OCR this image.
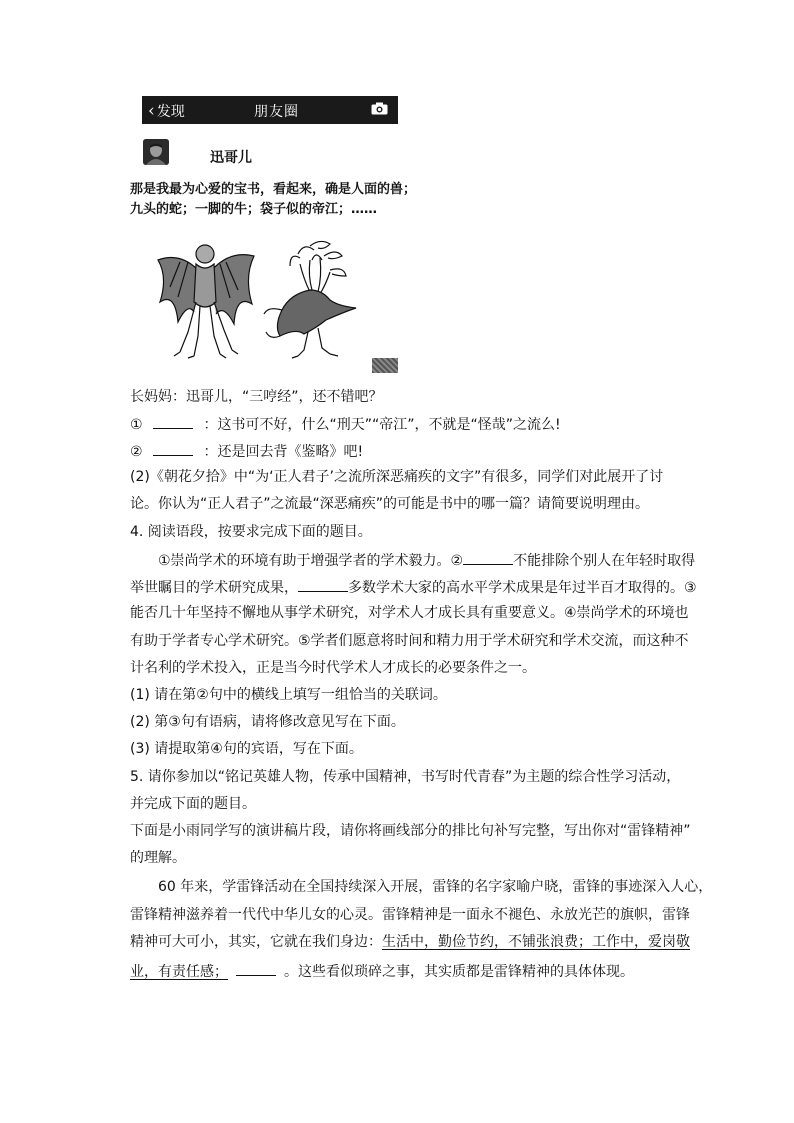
‹ 发现	朋友圈
迅哥儿
那是我最为心爱的宝书，看起来，确是人面的兽；
九头的蛇；一脚的牛；袋子似的帝江；……
长妈妈：迅哥儿，“三哼经”，还不错吧？
①	：这书可不好，什么“刑天”“帝江”，不就是“怪哉”之流么!
②	：还是回去背《鉴略》吧!
(2)《朝花夕拾》中“为‘正人君子’之流所深恶痛疾的文字”有很多，同学们对此展开了讨
论。你认为“正人君子”之流最“深恶痛疾”的可能是书中的哪一篇？请简要说明理由。
4. 阅读语段，按要求完成下面的题目。
①崇尚学术的环境有助于增强学者的学术毅力。②	不能排除个别人在年轻时取得
举世瞩目的学术研究成果，	多数学术大家的高水平学术成果是年过半百才取得的。③
能否几十年坚持不懈地从事学术研究，对学术人才成长具有重要意义。④崇尚学术的环境也
有助于学者专心学术研究。⑤学者们愿意将时间和精力用于学术研究和学术交流，而这种不
计名利的学术投入，正是当今时代学术人才成长的必要条件之一。
(1) 请在第②句中的横线上填写一组恰当的关联词。
(2) 第③句有语病，请将修改意见写在下面。
(3) 请提取第④句的宾语，写在下面。
5. 请你参加以“铭记英雄人物，传承中国精神，书写时代青春”为主题的综合性学习活动，
并完成下面的题目。
下面是小雨同学写的演讲稿片段，请你将画线部分的排比句补写完整，写出你对“雷锋精神”
的理解。
60 年来，学雷锋活动在全国持续深入开展，雷锋的名字家喻户晓，雷锋的事迹深入人心，
雷锋精神滋养着一代代中华儿女的心灵。雷锋精神是一面永不褪色、永放光芒的旗帜，雷锋
精神可大可小，其实，它就在我们身边：生活中，勤俭节约，不铺张浪费；工作中，爱岗敬
业，有责任感；	。这些看似琐碎之事，其实质都是雷锋精神的具体体现。
